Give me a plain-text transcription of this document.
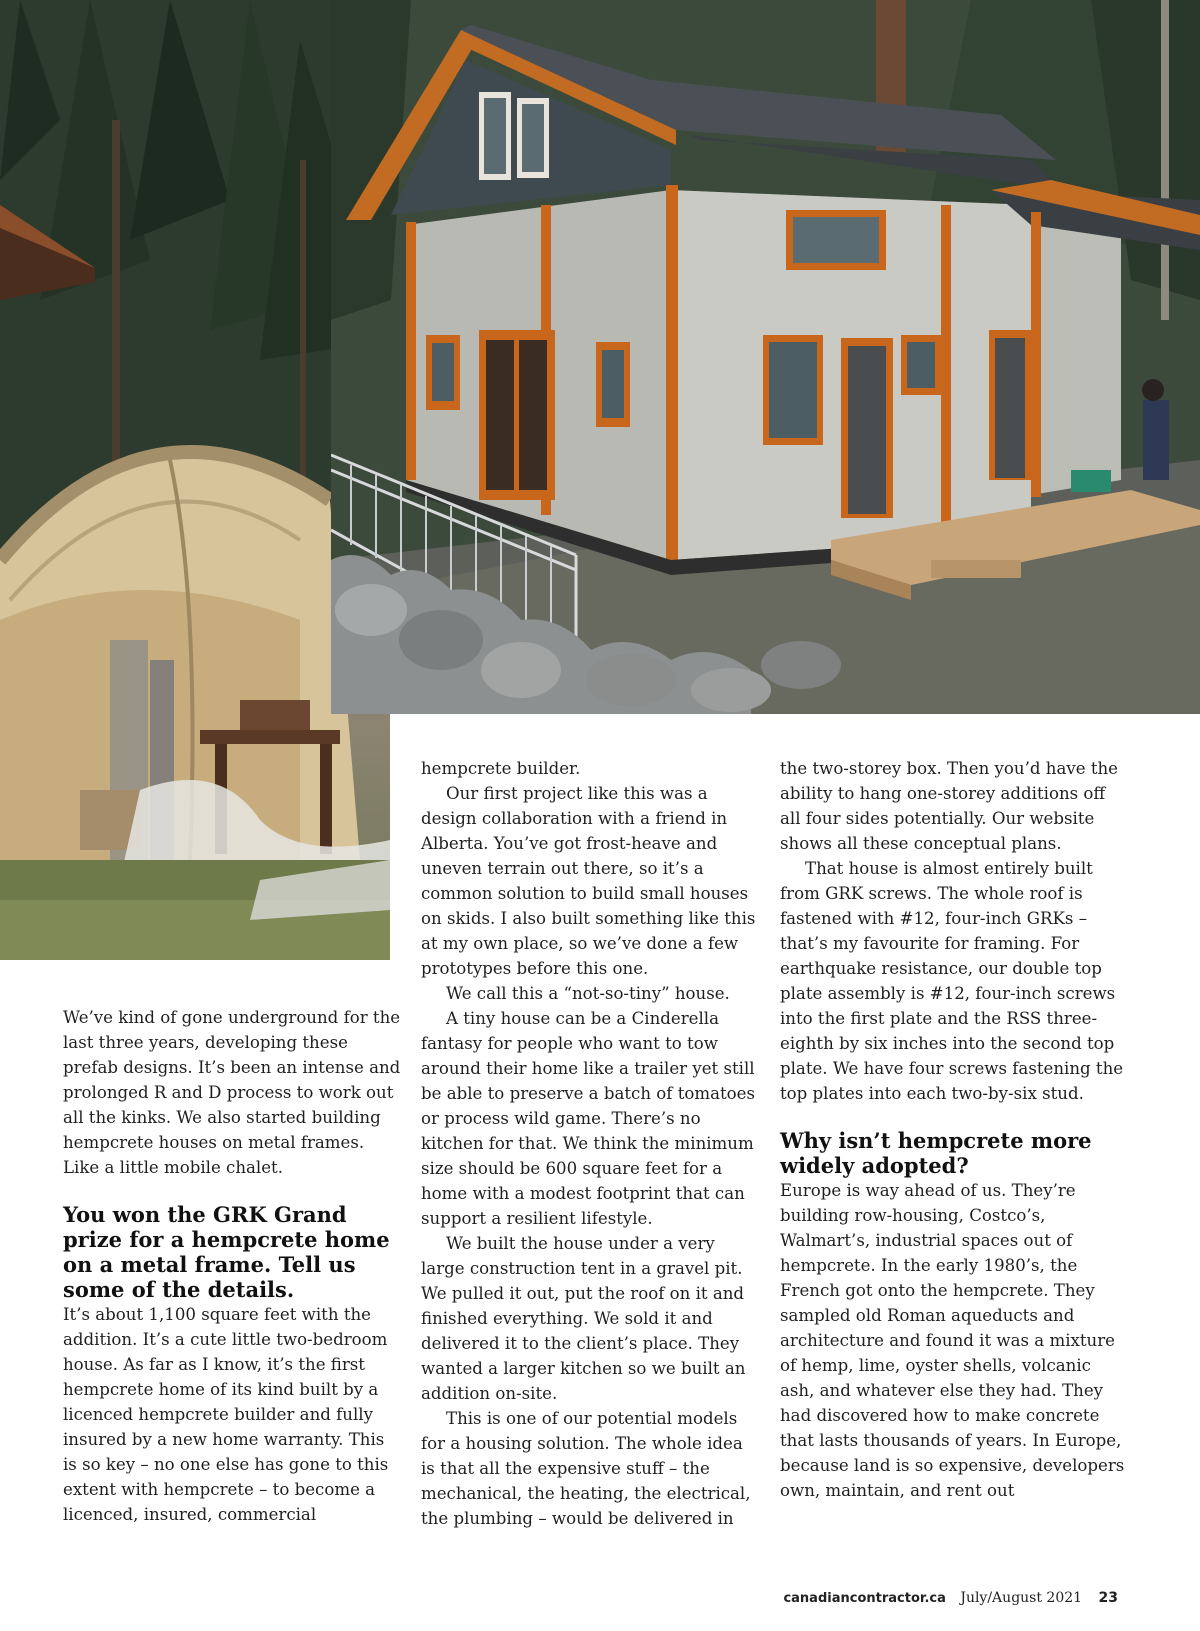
We’ve kind of gone underground for the last three years, developing these prefab designs. It’s been an intense and prolonged R and D process to work out all the kinks. We also started building hempcrete houses on metal frames. Like a little mobile chalet.

You won the GRK Grand prize for a hempcrete home on a metal frame. Tell us some of the details.

It’s about 1,100 square feet with the addition. It’s a cute little two-bedroom house. As far as I know, it’s the first hempcrete home of its kind built by a licenced hempcrete builder and fully insured by a new home warranty. This is so key – no one else has gone to this extent with hempcrete – to become a licenced, insured, commercial

hempcrete builder.

Our first project like this was a design collaboration with a friend in Alberta. You’ve got frost-heave and uneven terrain out there, so it’s a common solution to build small houses on skids. I also built something like this at my own place, so we’ve done a few prototypes before this one.

We call this a “not-so-tiny” house.

A tiny house can be a Cinderella fantasy for people who want to tow around their home like a trailer yet still be able to preserve a batch of tomatoes or process wild game. There’s no kitchen for that. We think the minimum size should be 600 square feet for a home with a modest footprint that can support a resilient lifestyle.

We built the house under a very large construction tent in a gravel pit. We pulled it out, put the roof on it and finished everything. We sold it and delivered it to the client’s place. They wanted a larger kitchen so we built an addition on-site.

This is one of our potential models for a housing solution. The whole idea is that all the expensive stuff – the mechanical, the heating, the electrical, the plumbing – would be delivered in

the two-storey box. Then you’d have the ability to hang one-storey additions off all four sides potentially. Our website shows all these conceptual plans.

That house is almost entirely built from GRK screws. The whole roof is fastened with #12, four-inch GRKs – that’s my favourite for framing. For earthquake resistance, our double top plate assembly is #12, four-inch screws into the first plate and the RSS three-eighth by six inches into the second top plate. We have four screws fastening the top plates into each two-by-six stud.

Why isn’t hempcrete more widely adopted?

Europe is way ahead of us. They’re building row-housing, Costco’s, Walmart’s, industrial spaces out of hempcrete. In the early 1980’s, the French got onto the hempcrete. They sampled old Roman aqueducts and architecture and found it was a mixture of hemp, lime, oyster shells, volcanic ash, and whatever else they had. They had discovered how to make concrete that lasts thousands of years. In Europe, because land is so expensive, developers own, maintain, and rent out

canadiancontractor.ca July/August 2021 23
